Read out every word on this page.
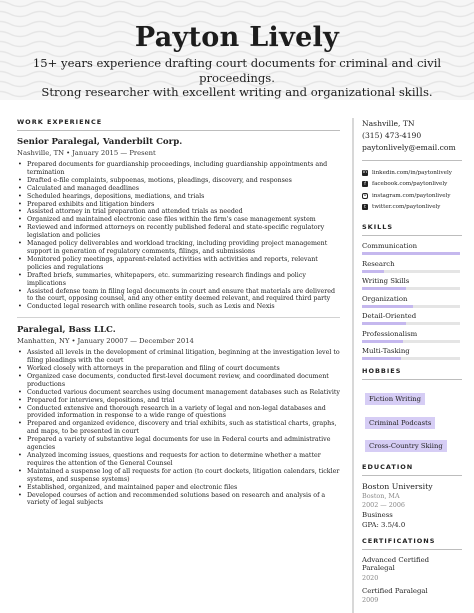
Payton Lively
15+ years experience drafting court documents for criminal and civil proceedings.
Strong researcher with excellent writing and organizational skills.
WORK EXPERIENCE
Senior Paralegal, Vanderbilt Corp.
Nashville, TN • January 2015 — Present
• Prepared documents for guardianship proceedings, including guardianship appointments and termination
• Drafted e-file complaints, subpoenas, motions, pleadings, discovery, and responses
• Calculated and managed deadlines
• Scheduled hearings, depositions, mediations, and trials
• Prepared exhibits and litigation binders
• Assisted attorney in trial preparation and attended trials as needed
• Organized and maintained electronic case files within the firm's case management system
• Reviewed and informed attorneys on recently published federal and state-specific regulatory legislation and policies
• Managed policy deliverables and workload tracking, including providing project management support in generation of regulatory comments, filings, and submissions
• Monitored policy meetings, apparent-related activities with activities and reports, relevant policies and regulations
• Drafted briefs, summaries, whitepapers, etc. summarizing research findings and policy implications
• Assisted defense team in filing legal documents in court and ensure that materials are delivered to the court, opposing counsel, and any other entity deemed relevant, and required third party
• Conducted legal research with online research tools, such as Lexis and Nexis
Paralegal, Bass LLC.
Manhatten, NY • January 20007 — December 2014
• Assisted all levels in the development of criminal litigation, beginning at the investigation level to filing pleadings with the court
• Worked closely with attorneys in the preparation and filing of court documents
• Organized case documents, conducted first-level document review, and coordinated document productions
• Conducted various document searches using document management databases such as Relativity
• Prepared for interviews, depositions, and trial
• Conducted extensive and thorough research in a variety of legal and non-legal databases and provided information in response to a wide range of questions
• Prepared and organized evidence, discovery and trial exhibits, such as statistical charts, graphs, and maps, to be presented in court
• Prepared a variety of substantive legal documents for use in Federal courts and administrative agencies
• Analyzed incoming issues, questions and requests for action to determine whether a matter requires the attention of the General Counsel
• Maintained a suspense log of all requests for action (to court dockets, litigation calendars, tickler systems, and suspense systems)
• Established, organized, and maintained paper and electronic files
• Developed courses of action and recommended solutions based on research and analysis of a variety of legal subjects
Nashville, TN
(315) 473-4190
paytonlively@email.com
in linkedin.com/in/paytonlively
f	facebook.com/paytonlively
o instagram.com/paytonlively
t	twitter.com/paytonlively
SKILLS
Communication
Research
Writing Skills
Organization
Detail-Oriented
Professionalism
Multi-Tasking
HOBBIES
Fiction Writing
Criminal Podcasts
Cross-Country Skiing
EDUCATION
Boston University
Boston, MA
2002 — 2006
Business
GPA: 3.5/4.0
CERTIFICATIONS
Advanced Certified Paralegal
2020
Certified Paralegal
2009
